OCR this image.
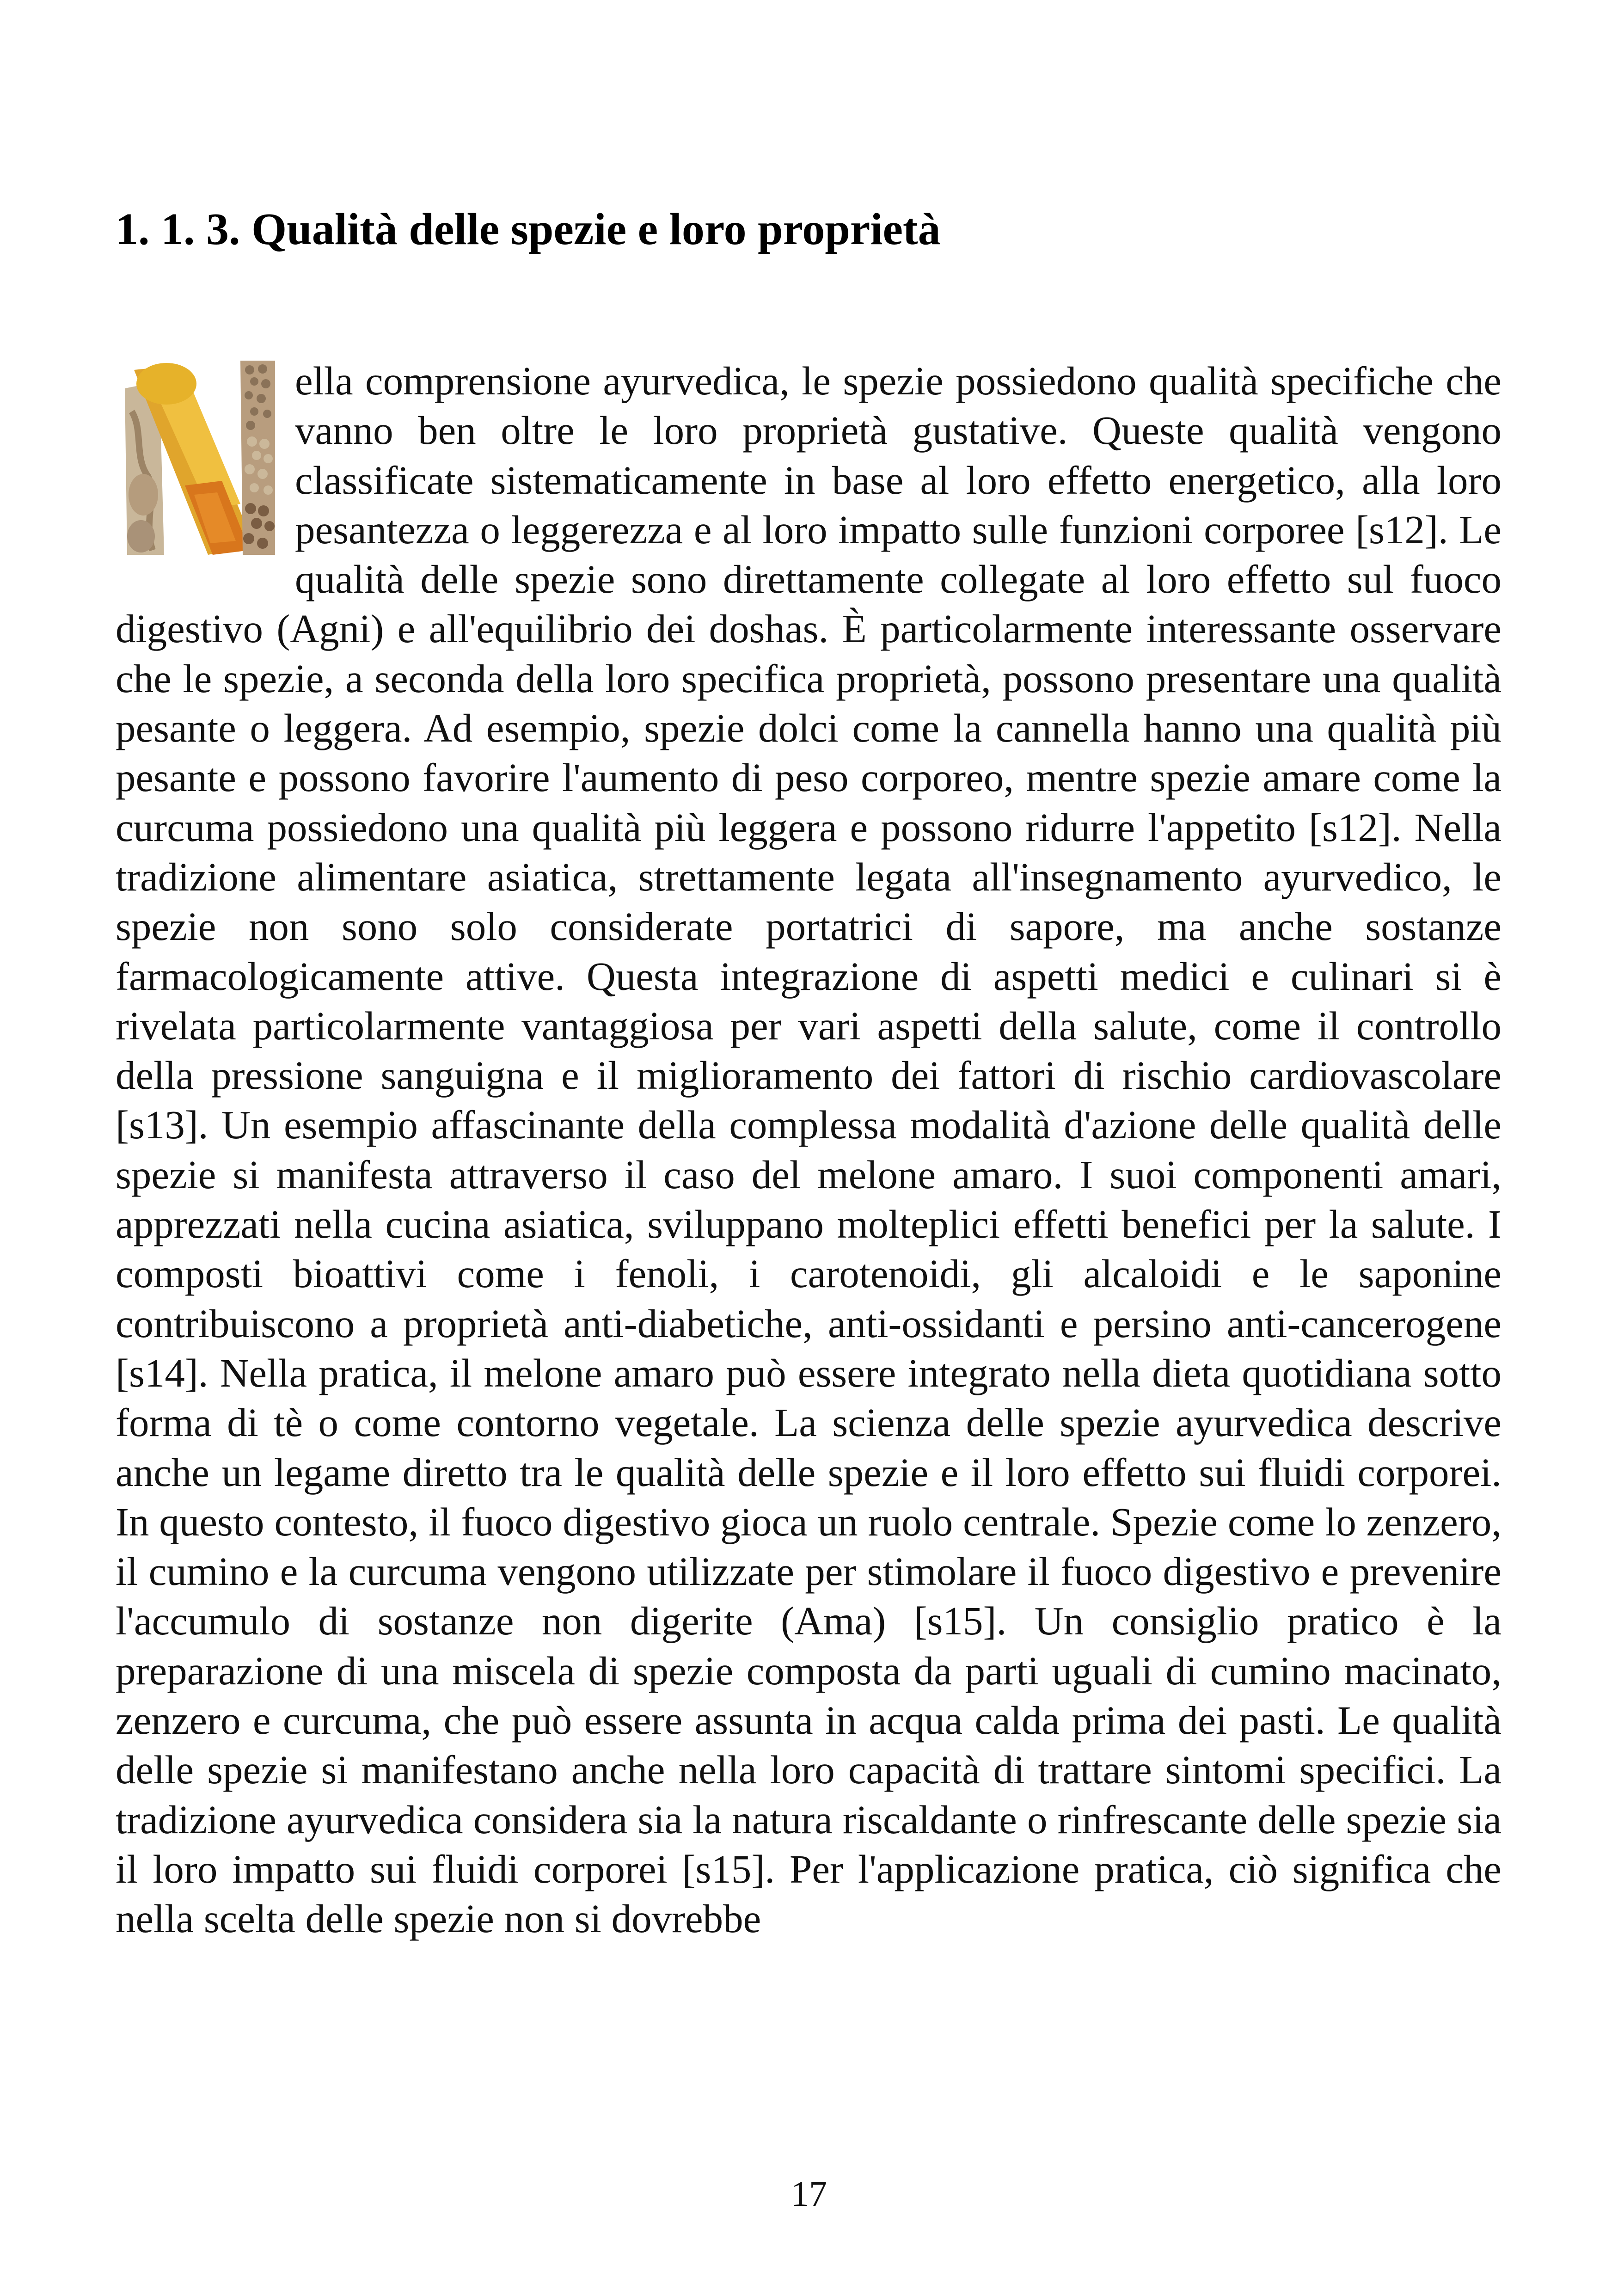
1. 1. 3. Qualità delle spezie e loro proprietà

ella comprensione ayurvedica, le spezie possiedono qualità specifiche che vanno ben oltre le loro proprietà gustative. Queste qualità vengono classificate sistematicamente in base al loro effetto energetico, alla loro pesantezza o leggerezza e al loro impatto sulle funzioni corporee [s12]. Le qualità delle spezie sono direttamente collegate al loro effetto sul fuoco digestivo (Agni) e all'equilibrio dei doshas. È particolarmente interessante osservare che le spezie, a seconda della loro specifica proprietà, possono presentare una qualità pesante o leggera. Ad esempio, spezie dolci come la cannella hanno una qualità più pesante e possono favorire l'aumento di peso corporeo, mentre spezie amare come la curcuma possiedono una qualità più leggera e possono ridurre l'appetito [s12]. Nella tradizione alimentare asiatica, strettamente legata all'insegnamento ayurvedico, le spezie non sono solo considerate portatrici di sapore, ma anche sostanze farmacologicamente attive. Questa integrazione di aspetti medici e culinari si è rivelata particolarmente vantaggiosa per vari aspetti della salute, come il controllo della pressione sanguigna e il miglioramento dei fattori di rischio cardiovascolare [s13]. Un esempio affascinante della complessa modalità d'azione delle qualità delle spezie si manifesta attraverso il caso del melone amaro. I suoi componenti amari, apprezzati nella cucina asiatica, sviluppano molteplici effetti benefici per la salute. I composti bioattivi come i fenoli, i carotenoidi, gli alcaloidi e le saponine contribuiscono a proprietà anti-diabetiche, anti-ossidanti e persino anti-cancerogene [s14]. Nella pratica, il melone amaro può essere integrato nella dieta quotidiana sotto forma di tè o come contorno vegetale. La scienza delle spezie ayurvedica descrive anche un legame diretto tra le qualità delle spezie e il loro effetto sui fluidi corporei. In questo contesto, il fuoco digestivo gioca un ruolo centrale. Spezie come lo zenzero, il cumino e la curcuma vengono utilizzate per stimolare il fuoco digestivo e prevenire l'accumulo di sostanze non digerite (Ama) [s15]. Un consiglio pratico è la preparazione di una miscela di spezie composta da parti uguali di cumino macinato, zenzero e curcuma, che può essere assunta in acqua calda prima dei pasti. Le qualità delle spezie si manifestano anche nella loro capacità di trattare sintomi specifici. La tradizione ayurvedica considera sia la natura riscaldante o rinfrescante delle spezie sia il loro impatto sui fluidi corporei [s15]. Per l'applicazione pratica, ciò significa che nella scelta delle spezie non si dovrebbe

17
